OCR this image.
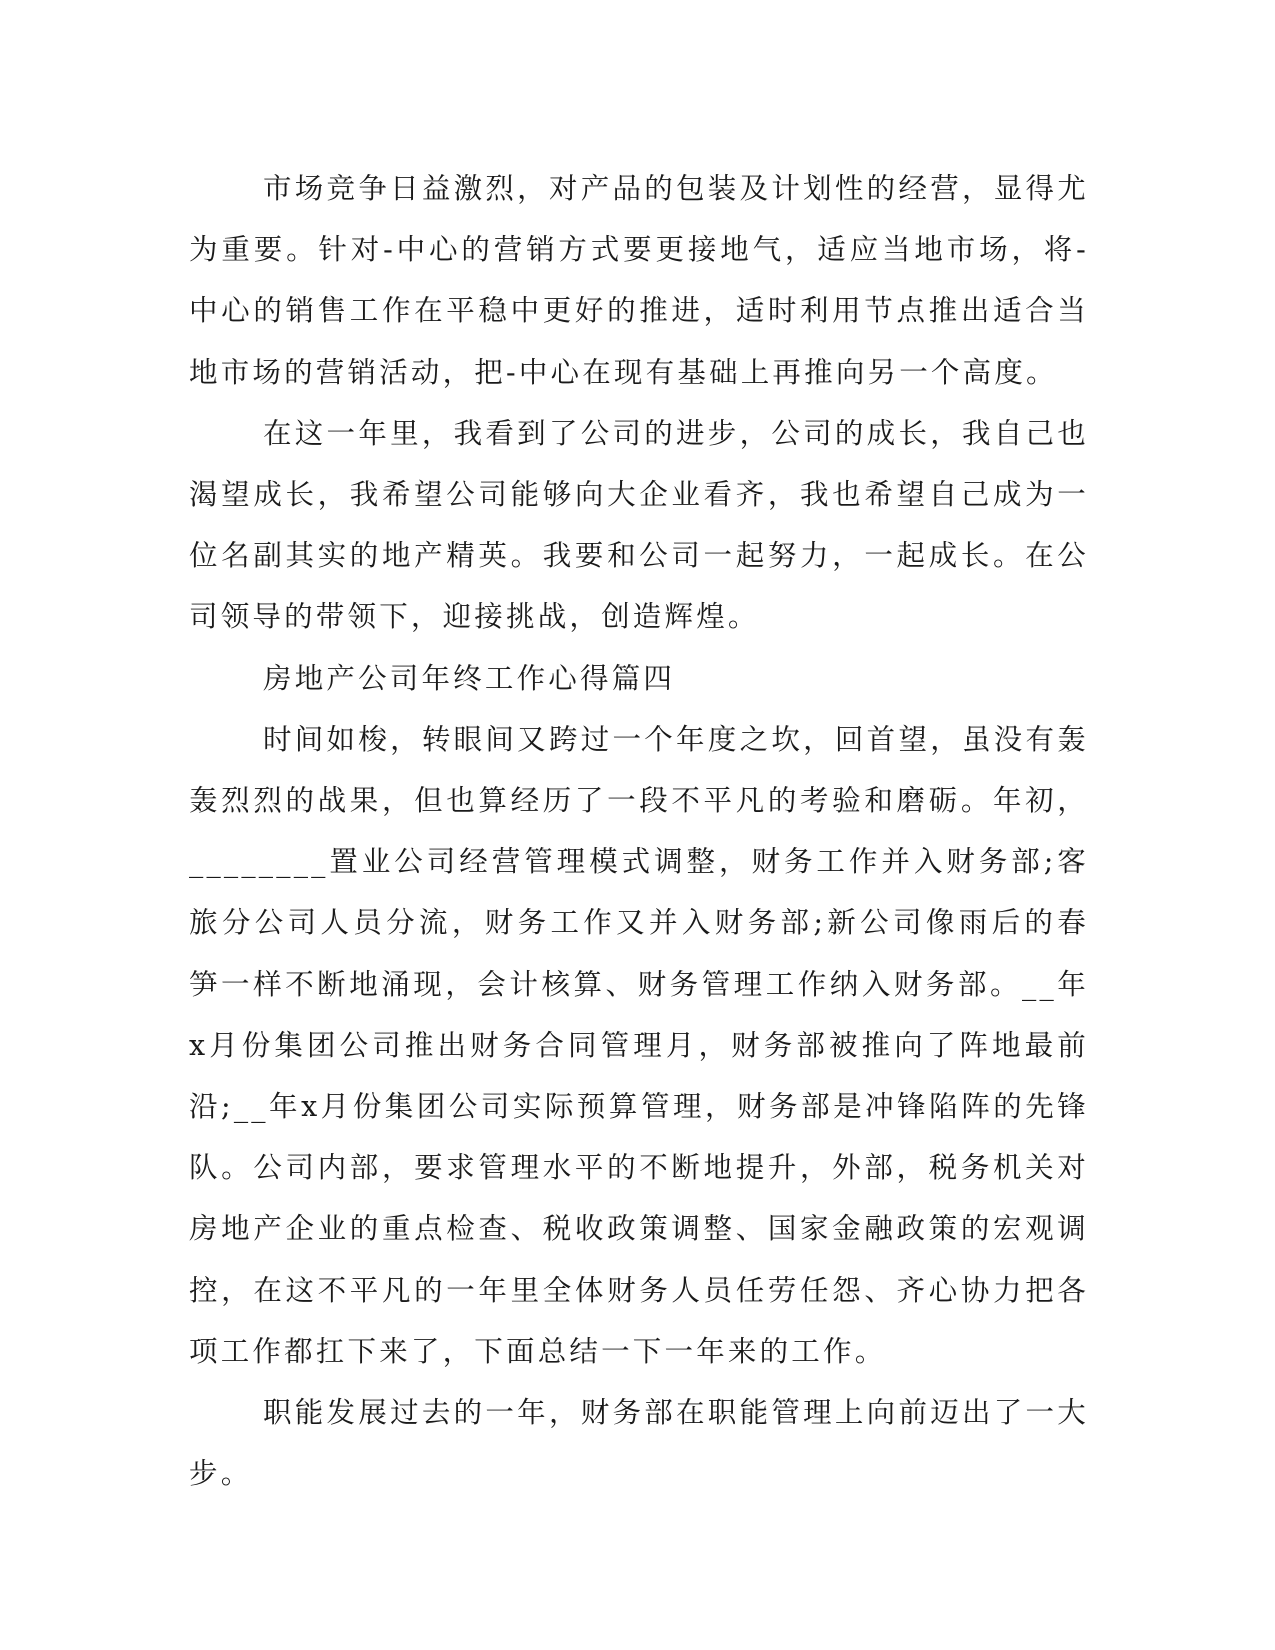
市场竞争日益激烈，对产品的包装及计划性的经营，显得尤为重要。针对-中心的营销方式要更接地气，适应当地市场，将-中心的销售工作在平稳中更好的推进，适时利用节点推出适合当地市场的营销活动，把-中心在现有基础上再推向另一个高度。

在这一年里，我看到了公司的进步，公司的成长，我自己也渴望成长，我希望公司能够向大企业看齐，我也希望自己成为一位名副其实的地产精英。我要和公司一起努力，一起成长。在公司领导的带领下，迎接挑战，创造辉煌。

房地产公司年终工作心得篇四

时间如梭，转眼间又跨过一个年度之坎，回首望，虽没有轰轰烈烈的战果，但也算经历了一段不平凡的考验和磨砺。年初，________置业公司经营管理模式调整，财务工作并入财务部;客旅分公司人员分流，财务工作又并入财务部;新公司像雨后的春笋一样不断地涌现，会计核算、财务管理工作纳入财务部。__年x月份集团公司推出财务合同管理月，财务部被推向了阵地最前沿;__年x月份集团公司实际预算管理，财务部是冲锋陷阵的先锋队。公司内部，要求管理水平的不断地提升，外部，税务机关对房地产企业的重点检查、税收政策调整、国家金融政策的宏观调控，在这不平凡的一年里全体财务人员任劳任怨、齐心协力把各项工作都扛下来了，下面总结一下一年来的工作。

职能发展过去的一年，财务部在职能管理上向前迈出了一大步。
